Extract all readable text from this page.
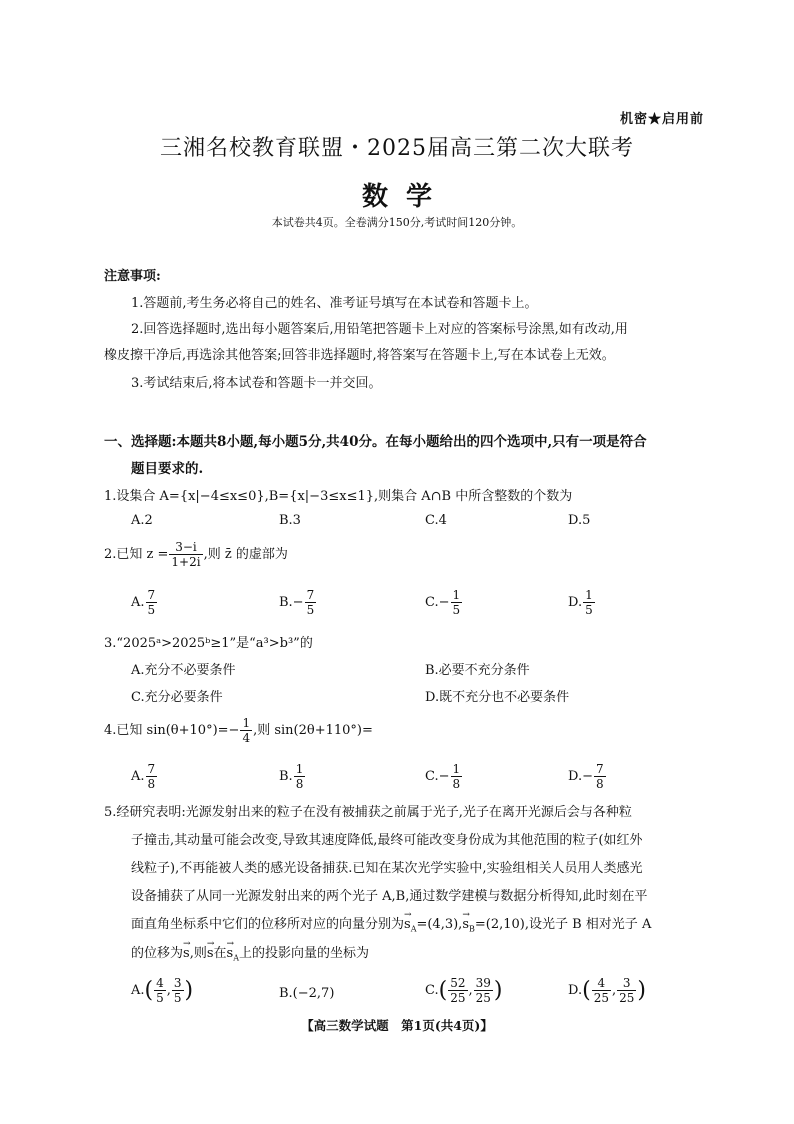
机密★启用前
三湘名校教育联盟・2025届高三第二次大联考
数学
本试卷共4页。全卷满分150分,考试时间120分钟。
注意事项:
1.答题前,考生务必将自己的姓名、准考证号填写在本试卷和答题卡上。
2.回答选择题时,选出每小题答案后,用铅笔把答题卡上对应的答案标号涂黑,如有改动,用
橡皮擦干净后,再选涂其他答案;回答非选择题时,将答案写在答题卡上,写在本试卷上无效。
3.考试结束后,将本试卷和答题卡一并交回。
一、选择题:本题共8小题,每小题5分,共40分。在每小题给出的四个选项中,只有一项是符合
题目要求的.
1.设集合 A={x|−4≤x≤0},B={x|−3≤x≤1},则集合 A∩B 中所含整数的个数为
A.2	B.3	C.4	D.5
2.已知 $z = \frac{3-i}{1+2i}$ ,则 z̄ 的虚部为
A. $\frac{7}{5}$	$B.- \frac{7}{5}$	$C.- \frac{1}{5}$	D. $\frac{1}{5}$
3.“2025ᵃ>2025ᵇ≥1”是“a³>b³”的
A.充分不必要条件	B.必要不充分条件
C.充分必要条件	D.既不充分也不必要条件
4.已知 $\sin(\theta+10^\circ)=- \frac{1}{4}$ ,则 sin(2θ+110°)=
A. $\frac{7}{8}$	B. $\frac{1}{8}$	$C.- \frac{1}{8}$	$D.- \frac{7}{8}$
5.经研究表明:光源发射出来的粒子在没有被捕获之前属于光子,光子在离开光源后会与各种粒
子撞击,其动量可能会改变,导致其速度降低,最终可能改变身份成为其他范围的粒子(如红外
线粒子),不再能被人类的感光设备捕获.已知在某次光学实验中,实验组相关人员用人类感光
设备捕获了从同一光源发射出来的两个光子 A,B,通过数学建模与数据分析得知,此时刻在平
面直角坐标系中它们的位移所对应的向量分别为→ $s_A=(4,3),\to s_B=(2,10)$,设光子 B 相对光子 A
的位移为→ s,则→ s在→ $s_A$上的投影向量的坐标为
$A.( \frac{4}{5}$ , $\frac{3}{5}$ )	B.(−2,7)	$C.( \frac{52}{25}$ , $\frac{39}{25}$ )	$D.( \frac{4}{25}$ , $\frac{3}{25}$ )
【高三数学试题　第1页(共4页)】
